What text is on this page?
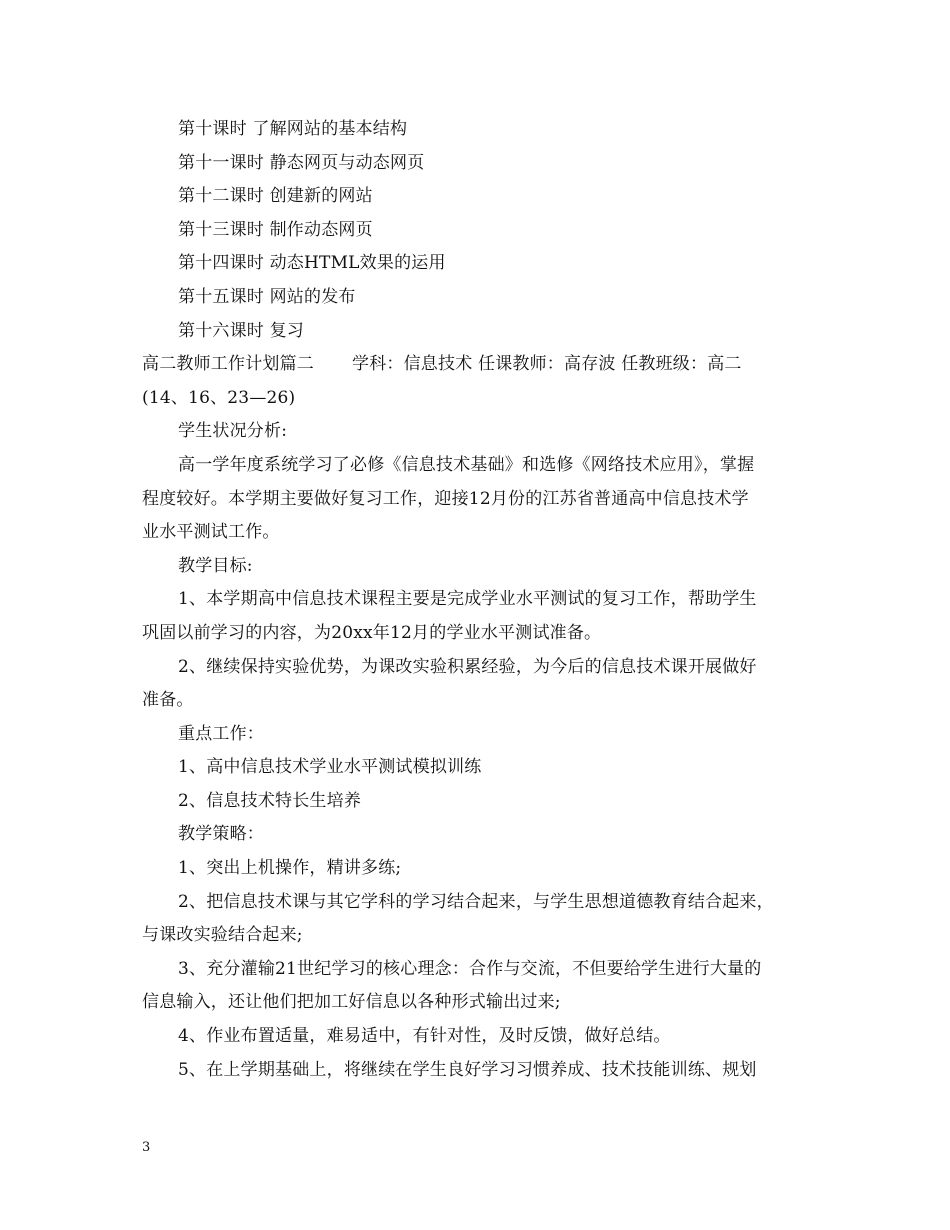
第十课时 了解网站的基本结构
第十一课时 静态网页与动态网页
第十二课时 创建新的网站
第十三课时 制作动态网页
第十四课时 动态HTML效果的运用
第十五课时 网站的发布
第十六课时 复习
高二教师工作计划篇二 学科：信息技术 任课教师：高存波 任教班级：高二
(14、16、23—26)
学生状况分析:
高一学年度系统学习了必修《信息技术基础》和选修《网络技术应用》，掌握
程度较好。本学期主要做好复习工作，迎接12月份的江苏省普通高中信息技术学
业水平测试工作。
教学目标:
1、本学期高中信息技术课程主要是完成学业水平测试的复习工作，帮助学生
巩固以前学习的内容，为20xx年12月的学业水平测试准备。
2、继续保持实验优势，为课改实验积累经验，为今后的信息技术课开展做好
准备。
重点工作：
1、高中信息技术学业水平测试模拟训练
2、信息技术特长生培养
教学策略：
1、突出上机操作，精讲多练;
2、把信息技术课与其它学科的学习结合起来，与学生思想道德教育结合起来，
与课改实验结合起来;
3、充分灌输21世纪学习的核心理念：合作与交流，不但要给学生进行大量的
信息输入，还让他们把加工好信息以各种形式输出过来;
4、作业布置适量，难易适中，有针对性，及时反馈，做好总结。
5、在上学期基础上，将继续在学生良好学习习惯养成、技术技能训练、规划
3
